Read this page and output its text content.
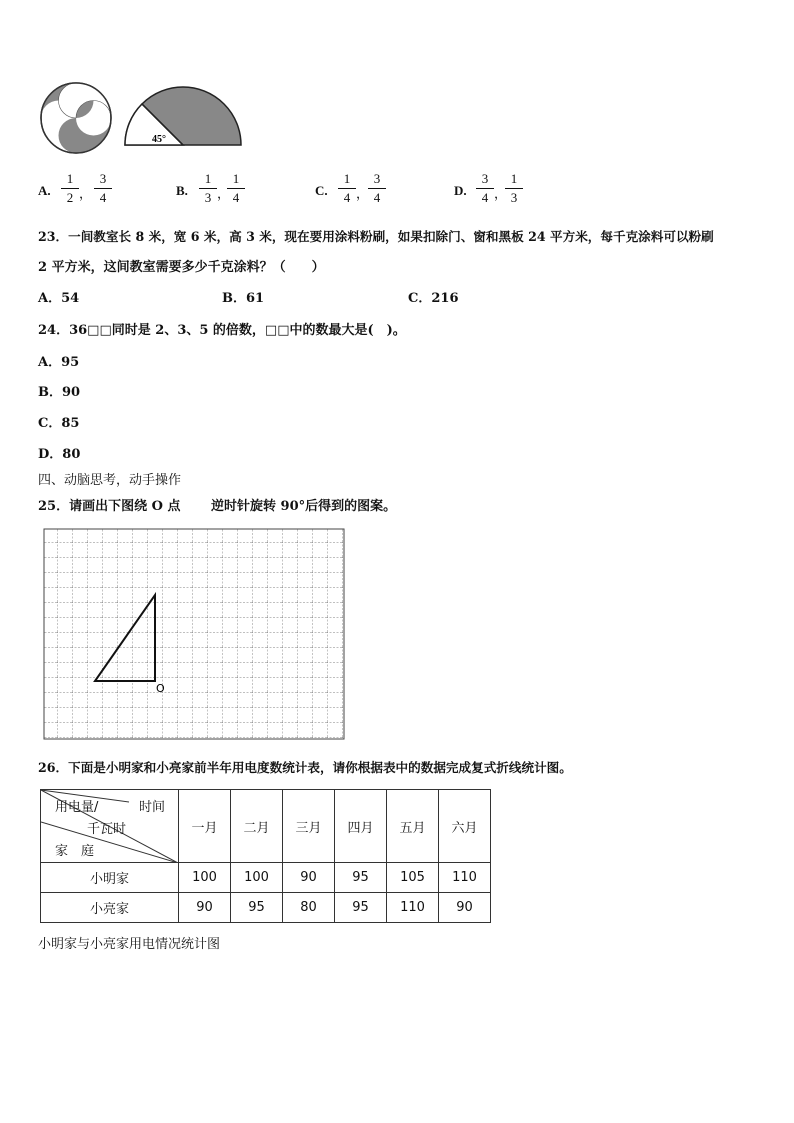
45°
A. $\frac{1}{2}$ ， $\frac{3}{4}$	B. $\frac{1}{3}$ ，
$\frac{1}{4}$	C. $\frac{1}{4}$ ，
$\frac{3}{4}$	D. $\frac{3}{4}$ ，
$\frac{1}{3}$
23．一间教室长 8 米，宽 6 米，高 3 米，现在要用涂料粉刷，如果扣除门、窗和黑板 24 平方米，每千克涂料可以粉刷
2 平方米，这间教室需要多少千克涂料？（　　）
A．54	B．61	C．216
24．36□□同时是 2、3、5 的倍数，□□中的数最大是(　)。
A．95
B．90
C．85
D．80
四、动脑思考，动手操作
25．请画出下图绕 O 点 逆时针旋转 90°后得到的图案。
O
26．下面是小明家和小亮家前半年用电度数统计表，请你根据表中的数据完成复式折线统计图。
用电量/ 时间
千瓦时
家　庭	一月	二月	三月	四月	五月	六月
小明家	100	100	90	95	105	110
小亮家	90	95	80	95	110	90
小明家与小亮家用电情况统计图
